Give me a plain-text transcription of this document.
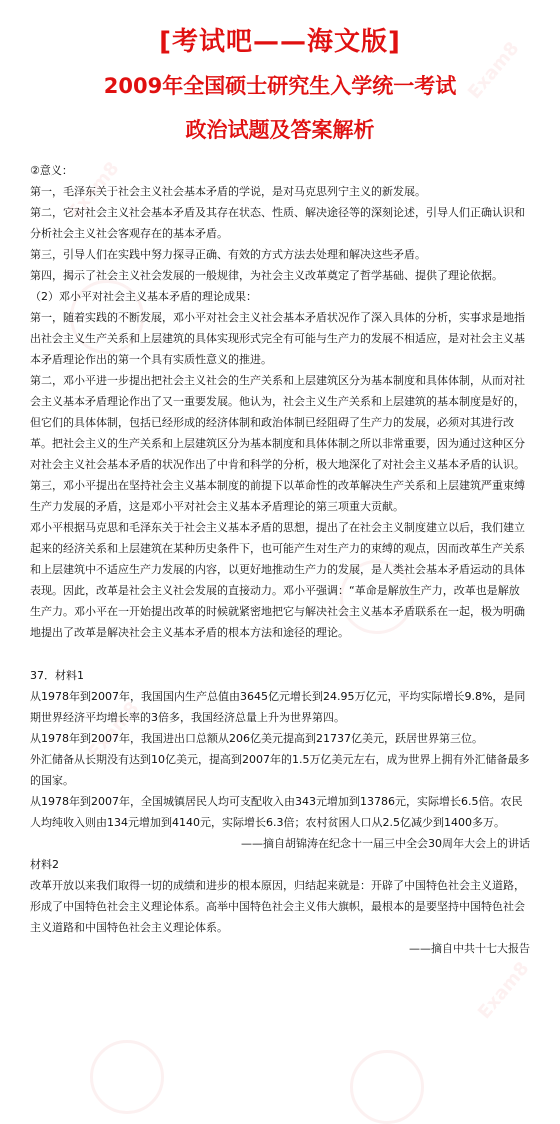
Exam8
Exam8
Exam8
Exam8
[考试吧——海文版]
2009年全国硕士研究生入学统一考试
政治试题及答案解析

②意义：

第一，毛泽东关于社会主义社会基本矛盾的学说，是对马克思列宁主义的新发展。

第二，它对社会主义社会基本矛盾及其存在状态、性质、解决途径等的深刻论述，引导人们正确认识和分析社会主义社会客观存在的基本矛盾。

第三，引导人们在实践中努力探寻正确、有效的方式方法去处理和解决这些矛盾。

第四，揭示了社会主义社会发展的一般规律，为社会主义改革奠定了哲学基础、提供了理论依据。

（2）邓小平对社会主义基本矛盾的理论成果：

第一，随着实践的不断发展，邓小平对社会主义社会基本矛盾状况作了深入具体的分析，实事求是地指出社会主义生产关系和上层建筑的具体实现形式完全有可能与生产力的发展不相适应，是对社会主义基本矛盾理论作出的第一个具有实质性意义的推进。

第二，邓小平进一步提出把社会主义社会的生产关系和上层建筑区分为基本制度和具体体制，从而对社会主义基本矛盾理论作出了又一重要发展。他认为，社会主义生产关系和上层建筑的基本制度是好的，但它们的具体体制，包括已经形成的经济体制和政治体制已经阻碍了生产力的发展，必须对其进行改革。把社会主义的生产关系和上层建筑区分为基本制度和具体体制之所以非常重要，因为通过这种区分对社会主义社会基本矛盾的状况作出了中肯和科学的分析，极大地深化了对社会主义基本矛盾的认识。

第三，邓小平提出在坚持社会主义基本制度的前提下以革命性的改革解决生产关系和上层建筑严重束缚生产力发展的矛盾，这是邓小平对社会主义基本矛盾理论的第三项重大贡献。

邓小平根据马克思和毛泽东关于社会主义基本矛盾的思想，提出了在社会主义制度建立以后，我们建立起来的经济关系和上层建筑在某种历史条件下，也可能产生对生产力的束缚的观点，因而改革生产关系和上层建筑中不适应生产力发展的内容，以更好地推动生产力的发展，是人类社会基本矛盾运动的具体表现。因此，改革是社会主义社会发展的直接动力。邓小平强调：“革命是解放生产力，改革也是解放生产力。邓小平在一开始提出改革的时候就紧密地把它与解决社会主义基本矛盾联系在一起，极为明确地提出了改革是解决社会主义基本矛盾的根本方法和途径的理论。

37．材料1

从1978年到2007年，我国国内生产总值由3645亿元增长到24.95万亿元，平均实际增长9.8%，是同期世界经济平均增长率的3倍多，我国经济总量上升为世界第四。

从1978年到2007年，我国进出口总额从206亿美元提高到21737亿美元，跃居世界第三位。

外汇储备从长期没有达到10亿美元，提高到2007年的1.5万亿美元左右，成为世界上拥有外汇储备最多的国家。

从1978年到2007年，全国城镇居民人均可支配收入由343元增加到13786元，实际增长6.5倍。农民人均纯收入则由134元增加到4140元，实际增长6.3倍；农村贫困人口从2.5亿减少到1400多万。

——摘自胡锦涛在纪念十一届三中全会30周年大会上的讲话

材料2

改革开放以来我们取得一切的成绩和进步的根本原因，归结起来就是：开辟了中国特色社会主义道路，形成了中国特色社会主义理论体系。高举中国特色社会主义伟大旗帜，最根本的是要坚持中国特色社会主义道路和中国特色社会主义理论体系。

——摘自中共十七大报告
